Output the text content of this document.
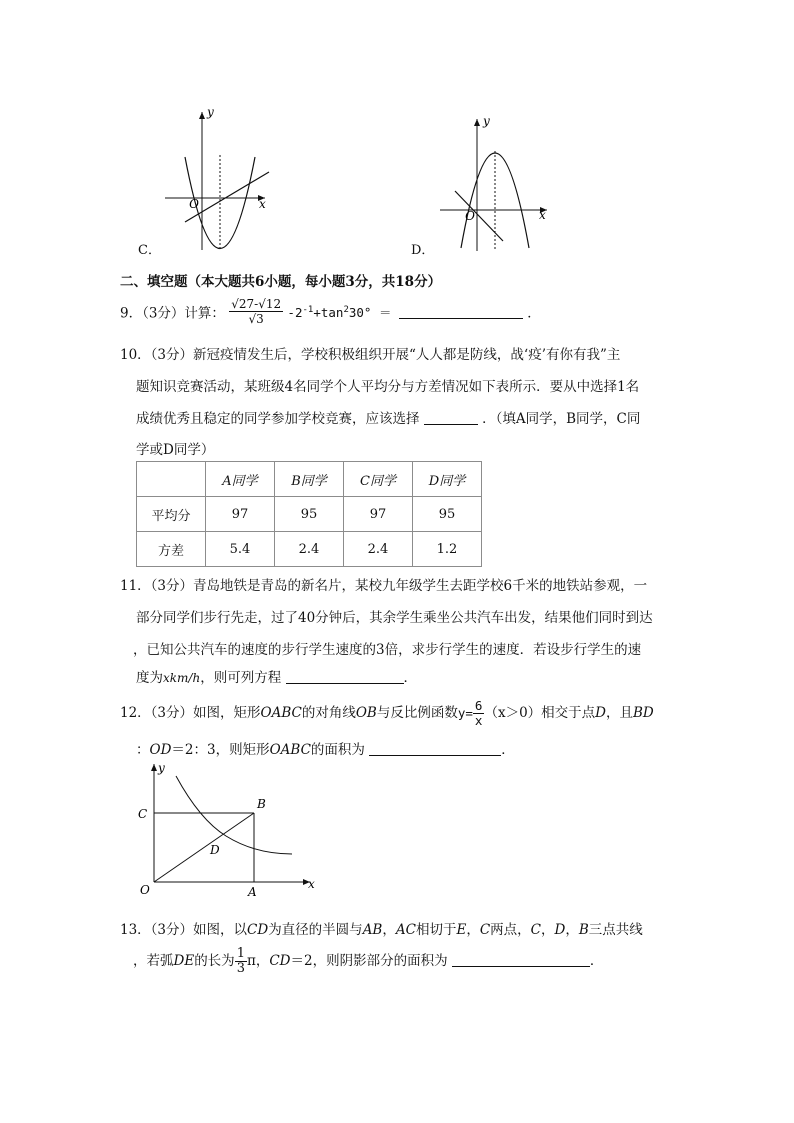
y
x
O
C．
y
x
O
D．
二、填空题（本大题共6小题，每小题3分，共18分）
9．（3分）计算： $\frac{√27-√12}{√3} -2^{-1}+\tan^230^\circ$ ＝	．
10．（3分）新冠疫情发生后，学校积极组织开展“人人都是防线，战‘疫’有你有我”主
题知识竞赛活动，某班级4名同学个人平均分与方差情况如下表所示．要从中选择1名
成绩优秀且稳定的同学参加学校竞赛，应该选择	．（填A同学，B同学，C同
学或D同学）
	A同学	B同学	C同学	D同学
平均分	97	95	97	95
方差	5.4	2.4	2.4	1.2
11．（3分）青岛地铁是青岛的新名片，某校九年级学生去距学校6千米的地铁站参观，一
部分同学们步行先走，过了40分钟后，其余学生乘坐公共汽车出发，结果他们同时到达
，已知公共汽车的速度的步行学生速度的3倍，求步行学生的速度．若设步行学生的速
度为xkm/h，则可列方程	．
12．（3分）如图，矩形OABC的对角线OB与反比例函数$y= \frac{6}{x} (x>0)$相交于点D，且BD
：OD＝2：3，则矩形OABC的面积为	．
y
x
C
B
D
O	A
13．（3分）如图，以CD为直径的半圆与AB，AC相切于E，C两点，C，D，B三点共线
，若弧DE的长为 $\frac{1}{3}$ π，CD＝2，则阴影部分的面积为	．
